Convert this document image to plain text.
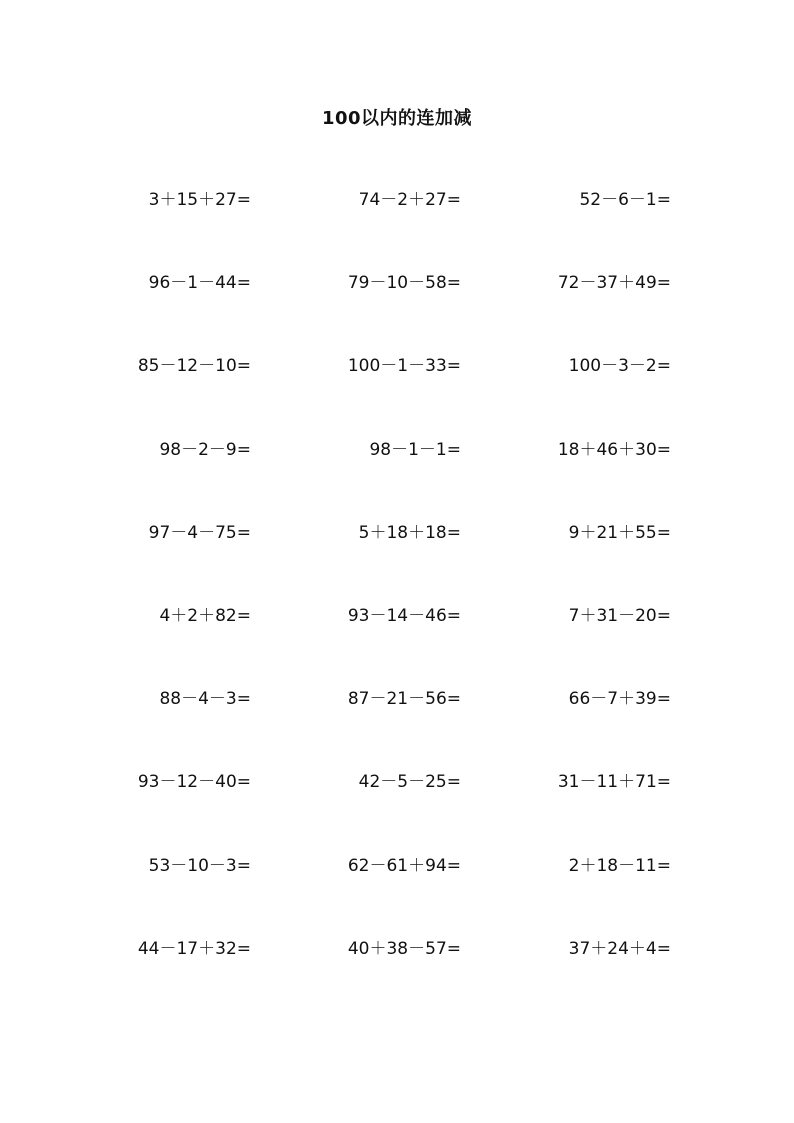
100以内的连加减
3＋15＋27=	74－2＋27=	52－6－1=
96－1－44=	79－10－58=	72－37＋49=
85－12－10=	100－1－33=	100－3－2=
98－2－9=	98－1－1=	18＋46＋30=
97－4－75=	5＋18＋18=	9＋21＋55=
4＋2＋82=	93－14－46=	7＋31－20=
88－4－3=	87－21－56=	66－7＋39=
93－12－40=	42－5－25=	31－11＋71=
53－10－3=	62－61＋94=	2＋18－11=
44－17＋32=	40＋38－57=	37＋24＋4=
